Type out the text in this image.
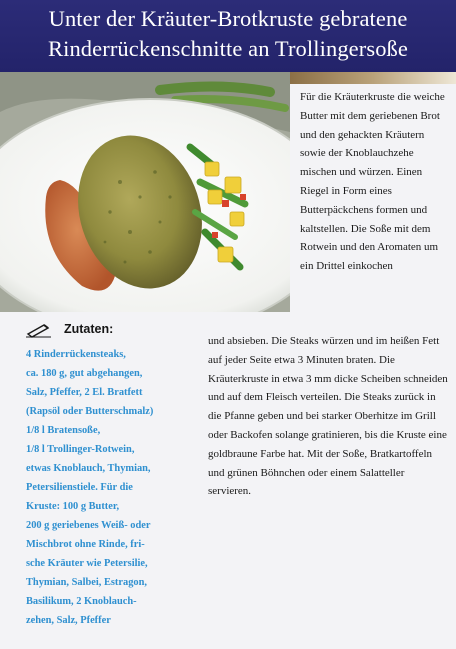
Unter der Kräuter-Brotkruste gebratene
Rinderrückenschnitte an Trollingersoße

Für die Kräuterkruste die weiche Butter mit dem geriebenen Brot und den gehackten Kräutern sowie der Knoblauchzehe mischen und würzen. Einen Riegel in Form eines Butterpäckchens formen und kaltstellen. Die Soße mit dem Rotwein und den Aromaten um ein Drittel einkochen

Zutaten:
4 Rinderrückensteaks,
ca. 180 g, gut abgehangen,
Salz, Pfeffer, 2 El. Bratfett
(Rapsöl oder Butterschmalz)
1/8 l Bratensoße,
1/8 l Trollinger-Rotwein,
etwas Knoblauch, Thymian,
Petersilienstiele. Für die
Kruste: 100 g Butter,
200 g geriebenes Weiß- oder
Mischbrot ohne Rinde, fri-
sche Kräuter wie Petersilie,
Thymian, Salbei, Estragon,
Basilikum, 2 Knoblauch-
zehen, Salz, Pfeffer

und absieben. Die Steaks würzen und im heißen Fett auf jeder Seite etwa 3 Minuten braten. Die Kräuterkruste in etwa 3 mm dicke Scheiben schneiden und auf dem Fleisch verteilen. Die Steaks zurück in die Pfanne geben und bei starker Oberhitze im Grill oder Backofen solange gratinieren, bis die Kruste eine goldbraune Farbe hat. Mit der Soße, Bratkartoffeln und grünen Böhnchen oder einem Salatteller servieren.
